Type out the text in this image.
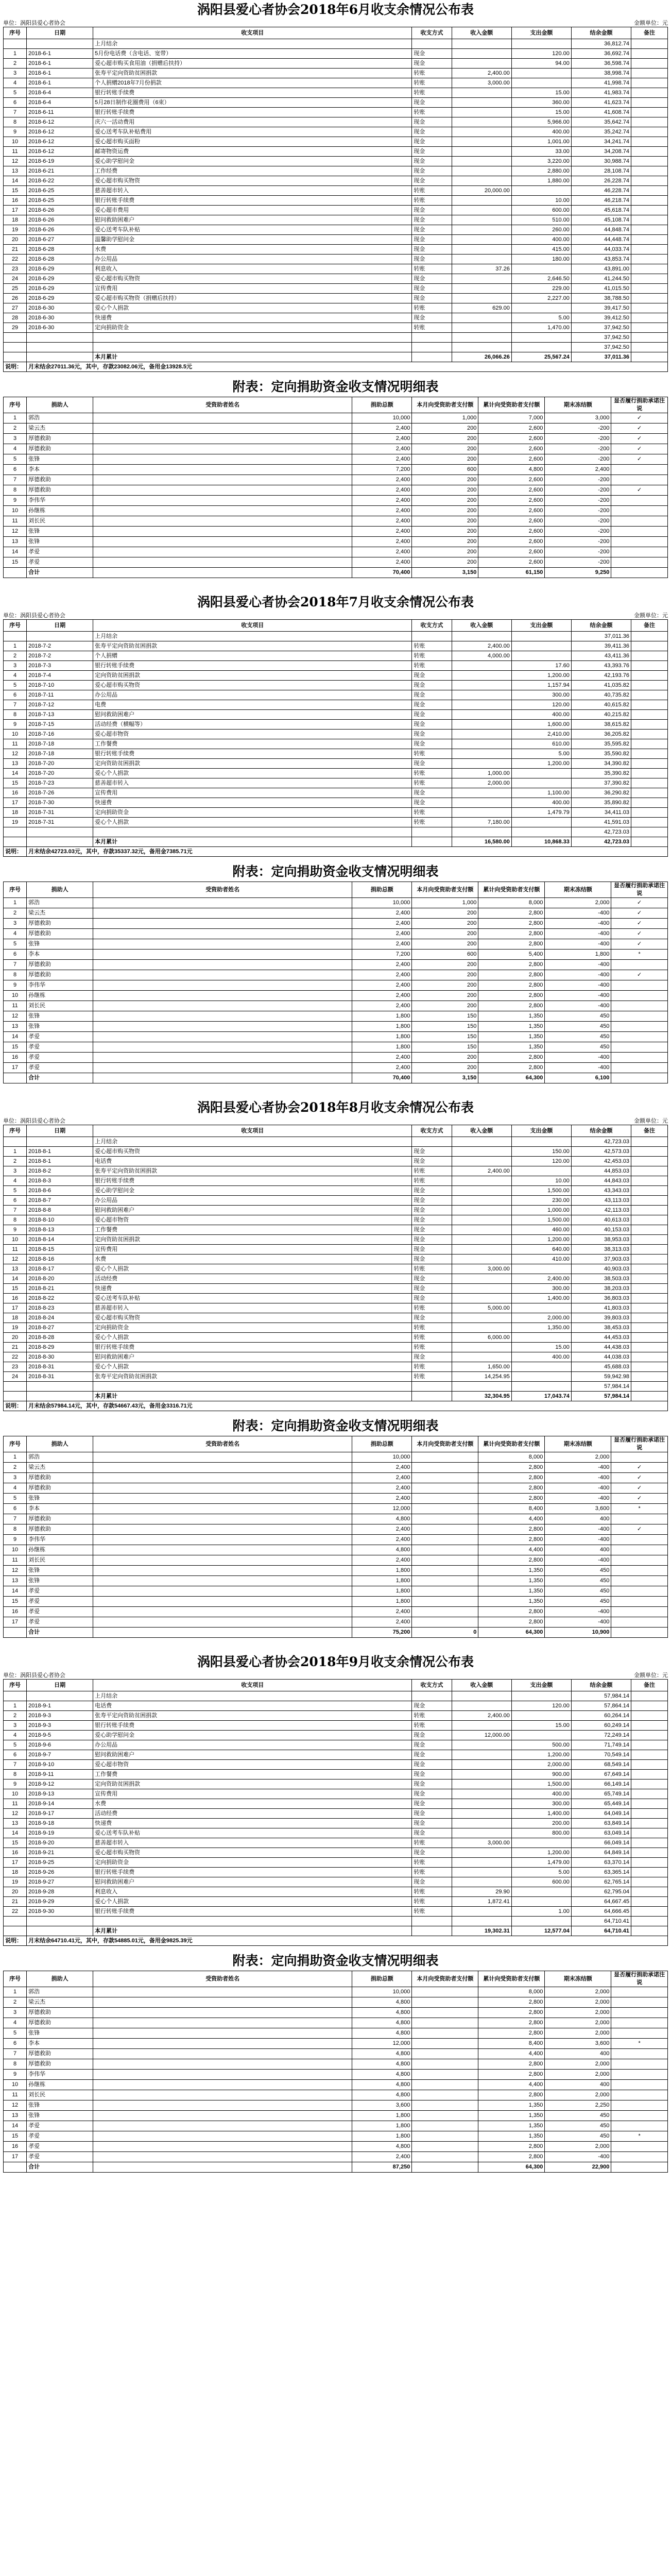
涡阳县爱心者协会2018年6月收支余情况公布表
单位：涡阳县爱心者协会	金额单位：元
序号	日期	收支项目	收支方式	收入金额	支出金额	结余金额	备注
		上月结余				36,812.74	
1	2018-6-1	5月份电话费（含电话、宽带）	现金		120.00	36,692.74	
2	2018-6-1	爱心超市购买食用油（捐赠后扶持）	现金		94.00	36,598.74	
3	2018-6-1	张寿平定向资助贫困捐款	转账	2,400.00		38,998.74	
4	2018-6-1	个人捐赠2018年7月份捐款	转账	3,000.00		41,998.74	
5	2018-6-4	银行转账手续费	转账		15.00	41,983.74	
6	2018-6-4	5月28日制作花圈费用（6束）	现金		360.00	41,623.74	
7	2018-6-11	银行转账手续费	转账		15.00	41,608.74	
8	2018-6-12	庆六一活动费用	现金		5,966.00	35,642.74	
9	2018-6-12	爱心送考车队补贴费用	现金		400.00	35,242.74	
10	2018-6-12	爱心超市购买面粉	现金		1,001.00	34,241.74	
11	2018-6-12	邮寄物资运费	现金		33.00	34,208.74	
12	2018-6-19	爱心助学慰问金	现金		3,220.00	30,988.74	
13	2018-6-21	工作经费	现金		2,880.00	28,108.74	
14	2018-6-22	爱心超市购买物资	现金		1,880.00	26,228.74	
15	2018-6-25	慈善超市转入	转账	20,000.00		46,228.74	
16	2018-6-25	银行转账手续费	转账		10.00	46,218.74	
17	2018-6-26	爱心超市费用	现金		600.00	45,618.74	
18	2018-6-26	慰问救助困难户	现金		510.00	45,108.74	
19	2018-6-26	爱心送考车队补贴	现金		260.00	44,848.74	
20	2018-6-27	温馨助学慰问金	现金		400.00	44,448.74	
21	2018-6-28	水费	现金		415.00	44,033.74	
22	2018-6-28	办公用品	现金		180.00	43,853.74	
23	2018-6-29	利息收入	转账	37.26		43,891.00	
24	2018-6-29	爱心超市购买物资	现金		2,646.50	41,244.50	
25	2018-6-29	宣传费用	现金		229.00	41,015.50	
26	2018-6-29	爱心超市购买物资（捐赠后扶持）	现金		2,227.00	38,788.50	
27	2018-6-30	爱心个人捐款	转账	629.00		39,417.50	
28	2018-6-30	快递费	现金		5.00	39,412.50	
29	2018-6-30	定向捐助资金	转账		1,470.00	37,942.50	
						37,942.50	
						37,942.50	
		本月累计		26,066.26	25,567.24	37,011.36	
说明：	月末结余27011.36元，其中，存款23082.06元，备用金13928.5元						
附表：定向捐助资金收支情况明细表
序号	捐助人	受资助者姓名	捐助总额	本月向受资助者支付额	累计向受资助者支付额	期末冻结额	显否履行捐助承诺注说
1	郭浩		10,000	1,000	7,000	3,000	✓
2	梁云杰		2,400	200	2,600	-200	✓
3	厚德救助		2,400	200	2,600	-200	✓
4	厚德救助		2,400	200	2,600	-200	✓
5	张锋		2,400	200	2,600	-200	✓
6	李本		7,200	600	4,800	2,400	
7	厚德救助		2,400	200	2,600	-200	
8	厚德救助		2,400	200	2,600	-200	✓
9	李伟华		2,400	200	2,600	-200	
10	孙继栋		2,400	200	2,600	-200	
11	刘长民		2,400	200	2,600	-200	
12	张锋		2,400	200	2,600	-200	
13	张锋		2,400	200	2,600	-200	
14	孝爱		2,400	200	2,600	-200	
15	孝爱		2,400	200	2,600	-200	
	合计		70,400	3,150	61,150	9,250	
涡阳县爱心者协会2018年7月收支余情况公布表
单位：涡阳县爱心者协会	金额单位：元
序号	日期	收支项目	收支方式	收入金额	支出金额	结余金额	备注
		上月结余				37,011.36	
1	2018-7-2	张寿平定向资助贫困捐款	转账	2,400.00		39,411.36	
2	2018-7-2	个人捐赠	转账	4,000.00		43,411.36	
3	2018-7-3	银行转账手续费	转账		17.60	43,393.76	
4	2018-7-4	定向资助贫困捐款	现金		1,200.00	42,193.76	
5	2018-7-10	爱心超市购买物资	现金		1,157.94	41,035.82	
6	2018-7-11	办公用品	现金		300.00	40,735.82	
7	2018-7-12	电费	现金		120.00	40,615.82	
8	2018-7-13	慰问救助困难户	现金		400.00	40,215.82	
9	2018-7-15	活动经费（横幅等）	现金		1,600.00	38,615.82	
10	2018-7-16	爱心超市物资	现金		2,410.00	36,205.82	
11	2018-7-18	工作餐费	现金		610.00	35,595.82	
12	2018-7-18	银行转账手续费	转账		5.00	35,590.82	
13	2018-7-20	定向资助贫困捐款	现金		1,200.00	34,390.82	
14	2018-7-20	爱心个人捐款	转账	1,000.00		35,390.82	
15	2018-7-23	慈善超市转入	转账	2,000.00		37,390.82	
16	2018-7-26	宣传费用	现金		1,100.00	36,290.82	
17	2018-7-30	快递费	现金		400.00	35,890.82	
18	2018-7-31	定向捐助资金	转账		1,479.79	34,411.03	
19	2018-7-31	爱心个人捐款	转账	7,180.00		41,591.03	
						42,723.03	
		本月累计		16,580.00	10,868.33	42,723.03	
说明：	月末结余42723.03元，其中，存款35337.32元，备用金7385.71元						
附表：定向捐助资金收支情况明细表
序号	捐助人	受资助者姓名	捐助总额	本月向受资助者支付额	累计向受资助者支付额	期末冻结额	显否履行捐助承诺注说
1	郭浩		10,000	1,000	8,000	2,000	✓
2	梁云杰		2,400	200	2,800	-400	✓
3	厚德救助		2,400	200	2,800	-400	✓
4	厚德救助		2,400	200	2,800	-400	✓
5	张锋		2,400	200	2,800	-400	✓
6	李本		7,200	600	5,400	1,800	*
7	厚德救助		2,400	200	2,800	-400	
8	厚德救助		2,400	200	2,800	-400	✓
9	李伟华		2,400	200	2,800	-400	
10	孙继栋		2,400	200	2,800	-400	
11	刘长民		2,400	200	2,800	-400	
12	张锋		1,800	150	1,350	450	
13	张锋		1,800	150	1,350	450	
14	孝爱		1,800	150	1,350	450	
15	孝爱		1,800	150	1,350	450	
16	孝爱		2,400	200	2,800	-400	
17	孝爱		2,400	200	2,800	-400	
	合计		70,400	3,150	64,300	6,100	
涡阳县爱心者协会2018年8月收支余情况公布表
单位：涡阳县爱心者协会	金额单位：元
序号	日期	收支项目	收支方式	收入金额	支出金额	结余金额	备注
		上月结余				42,723.03	
1	2018-8-1	爱心超市购买物资	现金		150.00	42,573.03	
2	2018-8-1	电话费	现金		120.00	42,453.03	
3	2018-8-2	张寿平定向资助贫困捐款	转账	2,400.00		44,853.03	
4	2018-8-3	银行转账手续费	转账		10.00	44,843.03	
5	2018-8-6	爱心助学慰问金	现金		1,500.00	43,343.03	
6	2018-8-7	办公用品	现金		230.00	43,113.03	
7	2018-8-8	慰问救助困难户	现金		1,000.00	42,113.03	
8	2018-8-10	爱心超市物资	现金		1,500.00	40,613.03	
9	2018-8-13	工作餐费	现金		460.00	40,153.03	
10	2018-8-14	定向资助贫困捐款	现金		1,200.00	38,953.03	
11	2018-8-15	宣传费用	现金		640.00	38,313.03	
12	2018-8-16	水费	现金		410.00	37,903.03	
13	2018-8-17	爱心个人捐款	转账	3,000.00		40,903.03	
14	2018-8-20	活动经费	现金		2,400.00	38,503.03	
15	2018-8-21	快递费	现金		300.00	38,203.03	
16	2018-8-22	爱心送考车队补贴	现金		1,400.00	36,803.03	
17	2018-8-23	慈善超市转入	转账	5,000.00		41,803.03	
18	2018-8-24	爱心超市购买物资	现金		2,000.00	39,803.03	
19	2018-8-27	定向捐助资金	转账		1,350.00	38,453.03	
20	2018-8-28	爱心个人捐款	转账	6,000.00		44,453.03	
21	2018-8-29	银行转账手续费	转账		15.00	44,438.03	
22	2018-8-30	慰问救助困难户	现金		400.00	44,038.03	
23	2018-8-31	爱心个人捐款	转账	1,650.00		45,688.03	
24	2018-8-31	张寿平定向资助贫困捐款	转账	14,254.95		59,942.98	
						57,984.14	
		本月累计		32,304.95	17,043.74	57,984.14	
说明：	月末结余57984.14元，其中，存款54667.43元，备用金3316.71元						
附表：定向捐助资金收支情况明细表
序号	捐助人	受资助者姓名	捐助总额	本月向受资助者支付额	累计向受资助者支付额	期末冻结额	显否履行捐助承诺注说
1	郭浩		10,000		8,000	2,000	
2	梁云杰		2,400		2,800	-400	✓
3	厚德救助		2,400		2,800	-400	✓
4	厚德救助		2,400		2,800	-400	✓
5	张锋		2,400		2,800	-400	✓
6	李本		12,000		8,400	3,600	*
7	厚德救助		4,800		4,400	400	
8	厚德救助		2,400		2,800	-400	✓
9	李伟华		2,400		2,800	-400	
10	孙继栋		4,800		4,400	400	
11	刘长民		2,400		2,800	-400	
12	张锋		1,800		1,350	450	
13	张锋		1,800		1,350	450	
14	孝爱		1,800		1,350	450	
15	孝爱		1,800		1,350	450	
16	孝爱		2,400		2,800	-400	
17	孝爱		2,400		2,800	-400	
	合计		75,200	0	64,300	10,900	
涡阳县爱心者协会2018年9月收支余情况公布表
单位：涡阳县爱心者协会	金额单位：元
序号	日期	收支项目	收支方式	收入金额	支出金额	结余金额	备注
		上月结余				57,984.14	
1	2018-9-1	电话费	现金		120.00	57,864.14	
2	2018-9-3	张寿平定向资助贫困捐款	转账	2,400.00		60,264.14	
3	2018-9-3	银行转账手续费	转账		15.00	60,249.14	
4	2018-9-5	爱心助学慰问金	现金	12,000.00		72,249.14	
5	2018-9-6	办公用品	现金		500.00	71,749.14	
6	2018-9-7	慰问救助困难户	现金		1,200.00	70,549.14	
7	2018-9-10	爱心超市物资	现金		2,000.00	68,549.14	
8	2018-9-11	工作餐费	现金		900.00	67,649.14	
9	2018-9-12	定向资助贫困捐款	现金		1,500.00	66,149.14	
10	2018-9-13	宣传费用	现金		400.00	65,749.14	
11	2018-9-14	水费	现金		300.00	65,449.14	
12	2018-9-17	活动经费	现金		1,400.00	64,049.14	
13	2018-9-18	快递费	现金		200.00	63,849.14	
14	2018-9-19	爱心送考车队补贴	现金		800.00	63,049.14	
15	2018-9-20	慈善超市转入	转账	3,000.00		66,049.14	
16	2018-9-21	爱心超市购买物资	现金		1,200.00	64,849.14	
17	2018-9-25	定向捐助资金	转账		1,479.00	63,370.14	
18	2018-9-26	银行转账手续费	转账		5.00	63,365.14	
19	2018-9-27	慰问救助困难户	现金		600.00	62,765.14	
20	2018-9-28	利息收入	转账	29.90		62,795.04	
21	2018-9-29	爱心个人捐款	转账	1,872.41		64,667.45	
22	2018-9-30	银行转账手续费	转账		1.00	64,666.45	
						64,710.41	
		本月累计		19,302.31	12,577.04	64,710.41	
说明：	月末结余64710.41元，其中，存款54885.01元，备用金9825.39元						
附表：定向捐助资金收支情况明细表
序号	捐助人	受资助者姓名	捐助总额	本月向受资助者支付额	累计向受资助者支付额	期末冻结额	显否履行捐助承诺注说
1	郭浩		10,000		8,000	2,000	
2	梁云杰		4,800		2,800	2,000	
3	厚德救助		4,800		2,800	2,000	
4	厚德救助		4,800		2,800	2,000	
5	张锋		4,800		2,800	2,000	
6	李本		12,000		8,400	3,600	*
7	厚德救助		4,800		4,400	400	
8	厚德救助		4,800		2,800	2,000	
9	李伟华		4,800		2,800	2,000	
10	孙继栋		4,800		4,400	400	
11	刘长民		4,800		2,800	2,000	
12	张锋		3,600		1,350	2,250	
13	张锋		1,800		1,350	450	
14	孝爱		1,800		1,350	450	
15	孝爱		1,800		1,350	450	*
16	孝爱		4,800		2,800	2,000	
17	孝爱		2,400		2,800	-400	
	合计		87,250		64,300	22,900	
